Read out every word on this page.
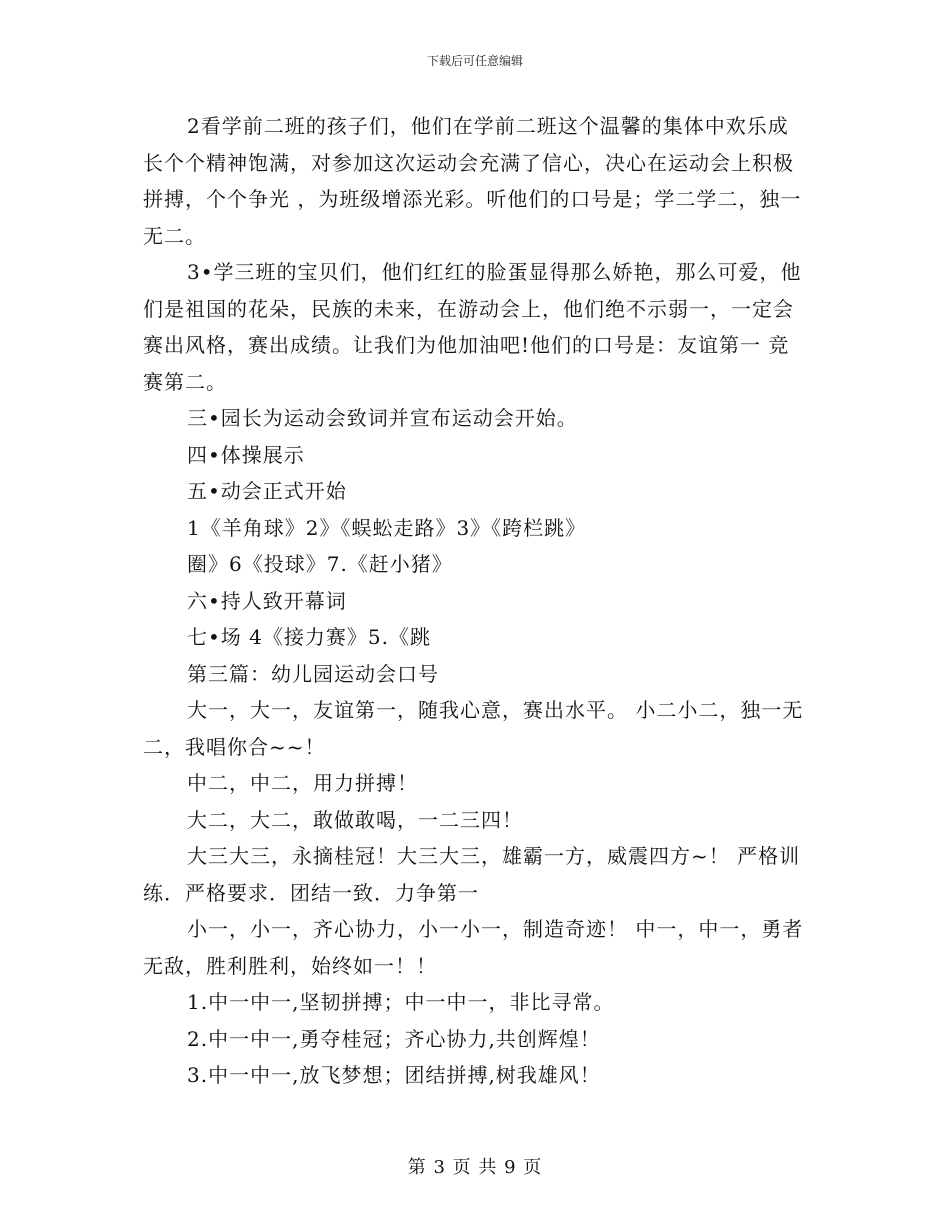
下载后可任意编辑

2看学前二班的孩子们，他们在学前二班这个温馨的集体中欢乐成长个个精神饱满，对参加这次运动会充满了信心，决心在运动会上积极拼搏，个个争光 ，为班级增添光彩。听他们的口号是；学二学二，独一无二。

3•学三班的宝贝们，他们红红的脸蛋显得那么娇艳，那么可爱，他们是祖国的花朵，民族的未来，在游动会上，他们绝不示弱一，一定会赛出风格，赛出成绩。让我们为他加油吧!他们的口号是：友谊第一 竞赛第二。

三•园长为运动会致词并宣布运动会开始。

四•体操展示

五•动会正式开始

1《羊角球》2》《蜈蚣走路》3》《跨栏跳》

圈》6《投球》7.《赶小猪》

六•持人致开幕词

七•场 4《接力赛》5.《跳

第三篇：幼儿园运动会口号

大一，大一，友谊第一，随我心意，赛出水平。 小二小二，独一无二，我唱你合~~！

中二，中二，用力拼搏！

大二，大二，敢做敢喝，一二三四！

大三大三，永摘桂冠！大三大三，雄霸一方，威震四方~！ 严格训练．严格要求．团结一致．力争第一

小一，小一，齐心协力，小一小一，制造奇迹！ 中一，中一，勇者无敌，胜利胜利，始终如一！！

1.中一中一,坚韧拼搏；中一中一，非比寻常。

2.中一中一,勇夺桂冠；齐心协力,共创辉煌！

3.中一中一,放飞梦想；团结拼搏,树我雄风！

第 3 页 共 9 页
